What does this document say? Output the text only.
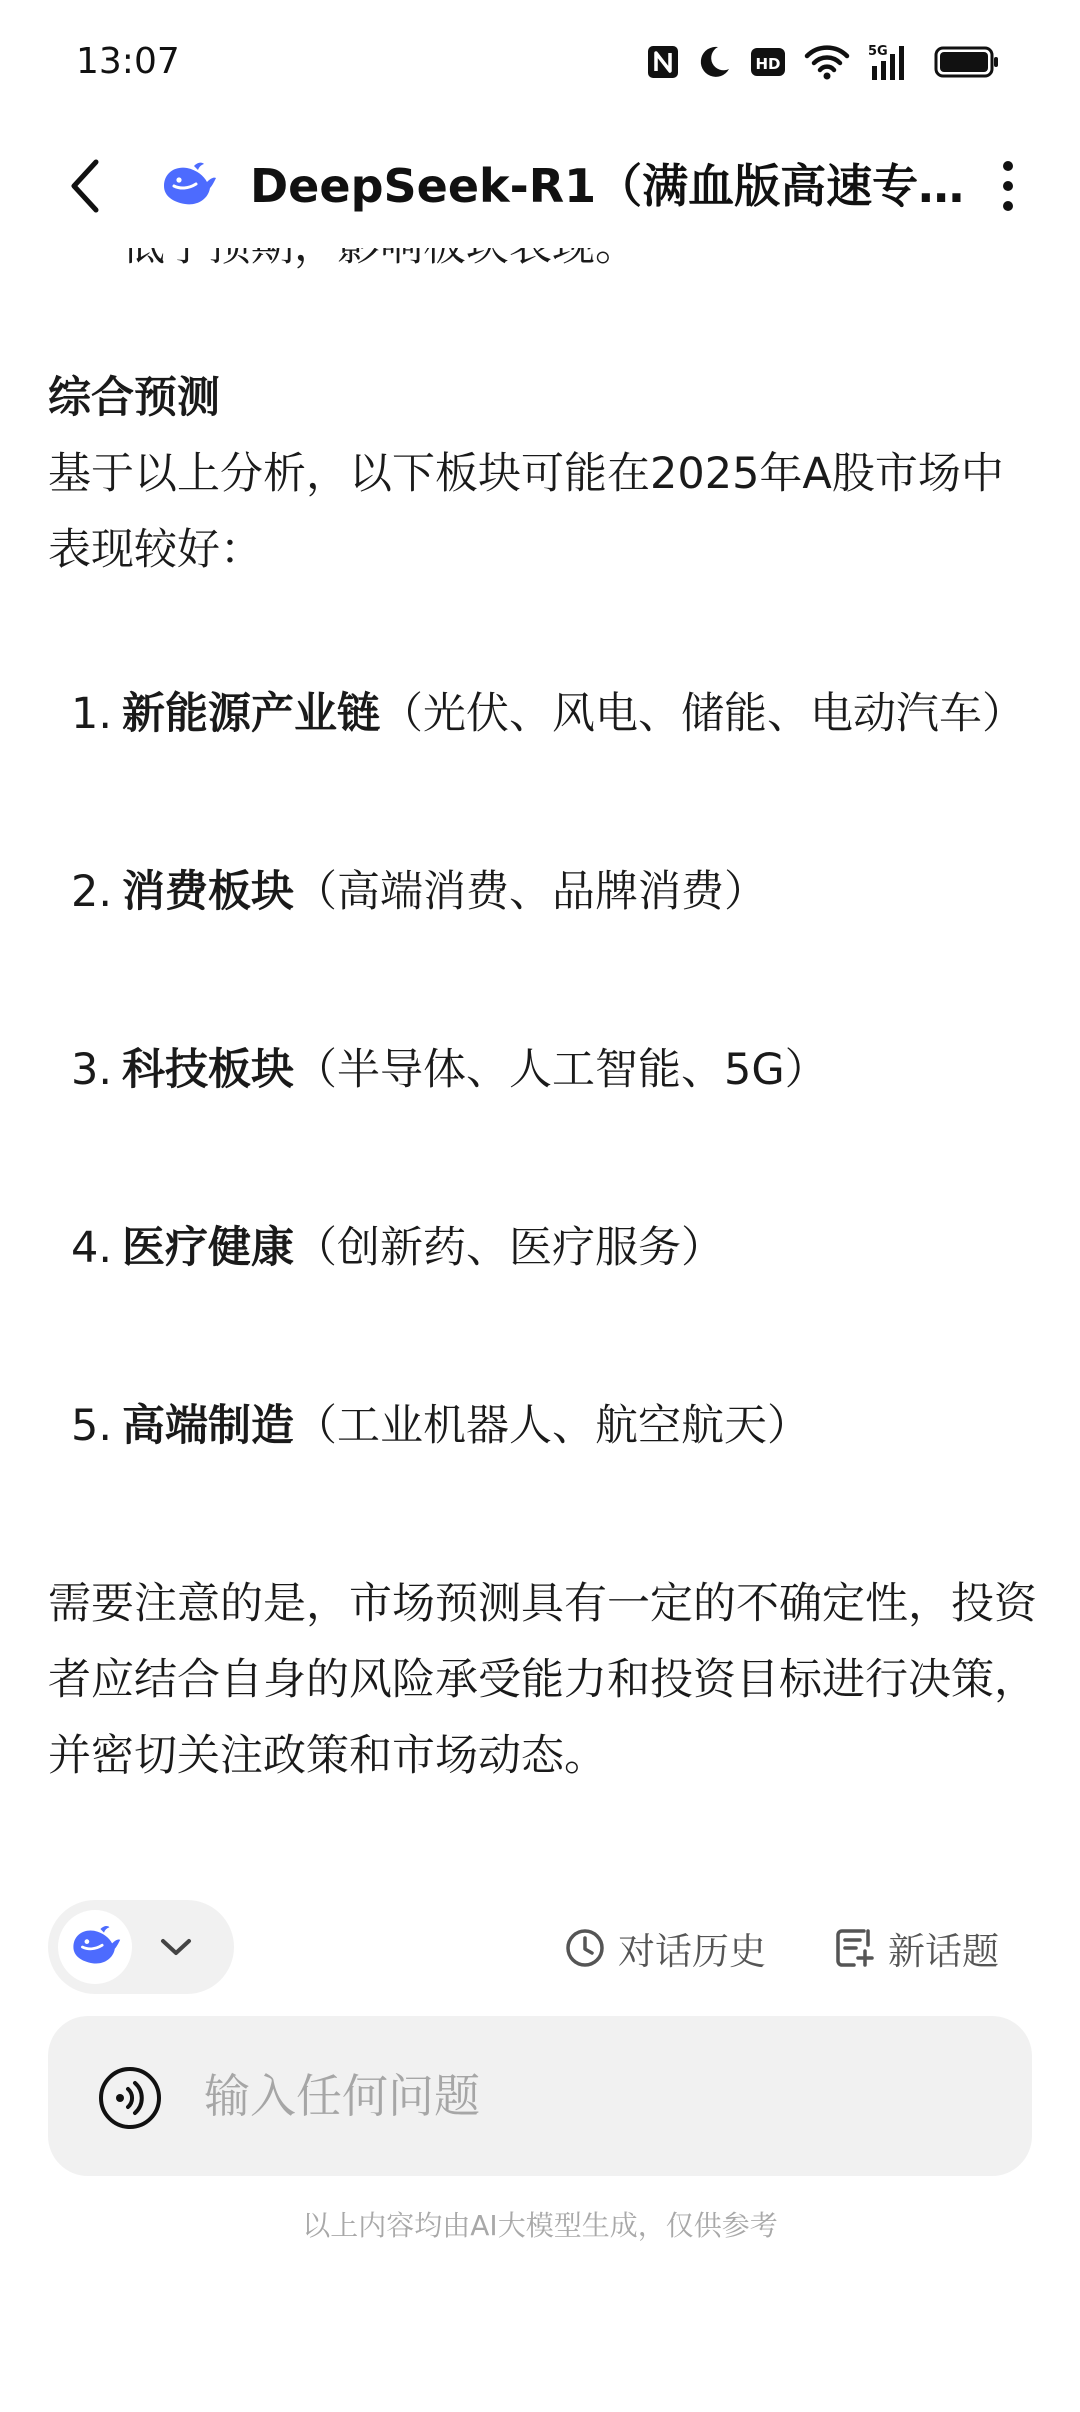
13:07	HD
5G
DeepSeek-R1（满血版高速专…

综合预测

基于以上分析，以下板块可能在2025年A股市场中表现较好：

1. 新能源产业链（光伏、风电、储能、电动汽车）
2. 消费板块（高端消费、品牌消费）
3. 科技板块（半导体、人工智能、5G）
4. 医疗健康（创新药、医疗服务）
5. 高端制造（工业机器人、航空航天）

需要注意的是，市场预测具有一定的不确定性，投资者应结合自身的风险承受能力和投资目标进行决策，并密切关注政策和市场动态。

对话历史	新话题
输入任何问题
以上内容均由AI大模型生成，仅供参考
